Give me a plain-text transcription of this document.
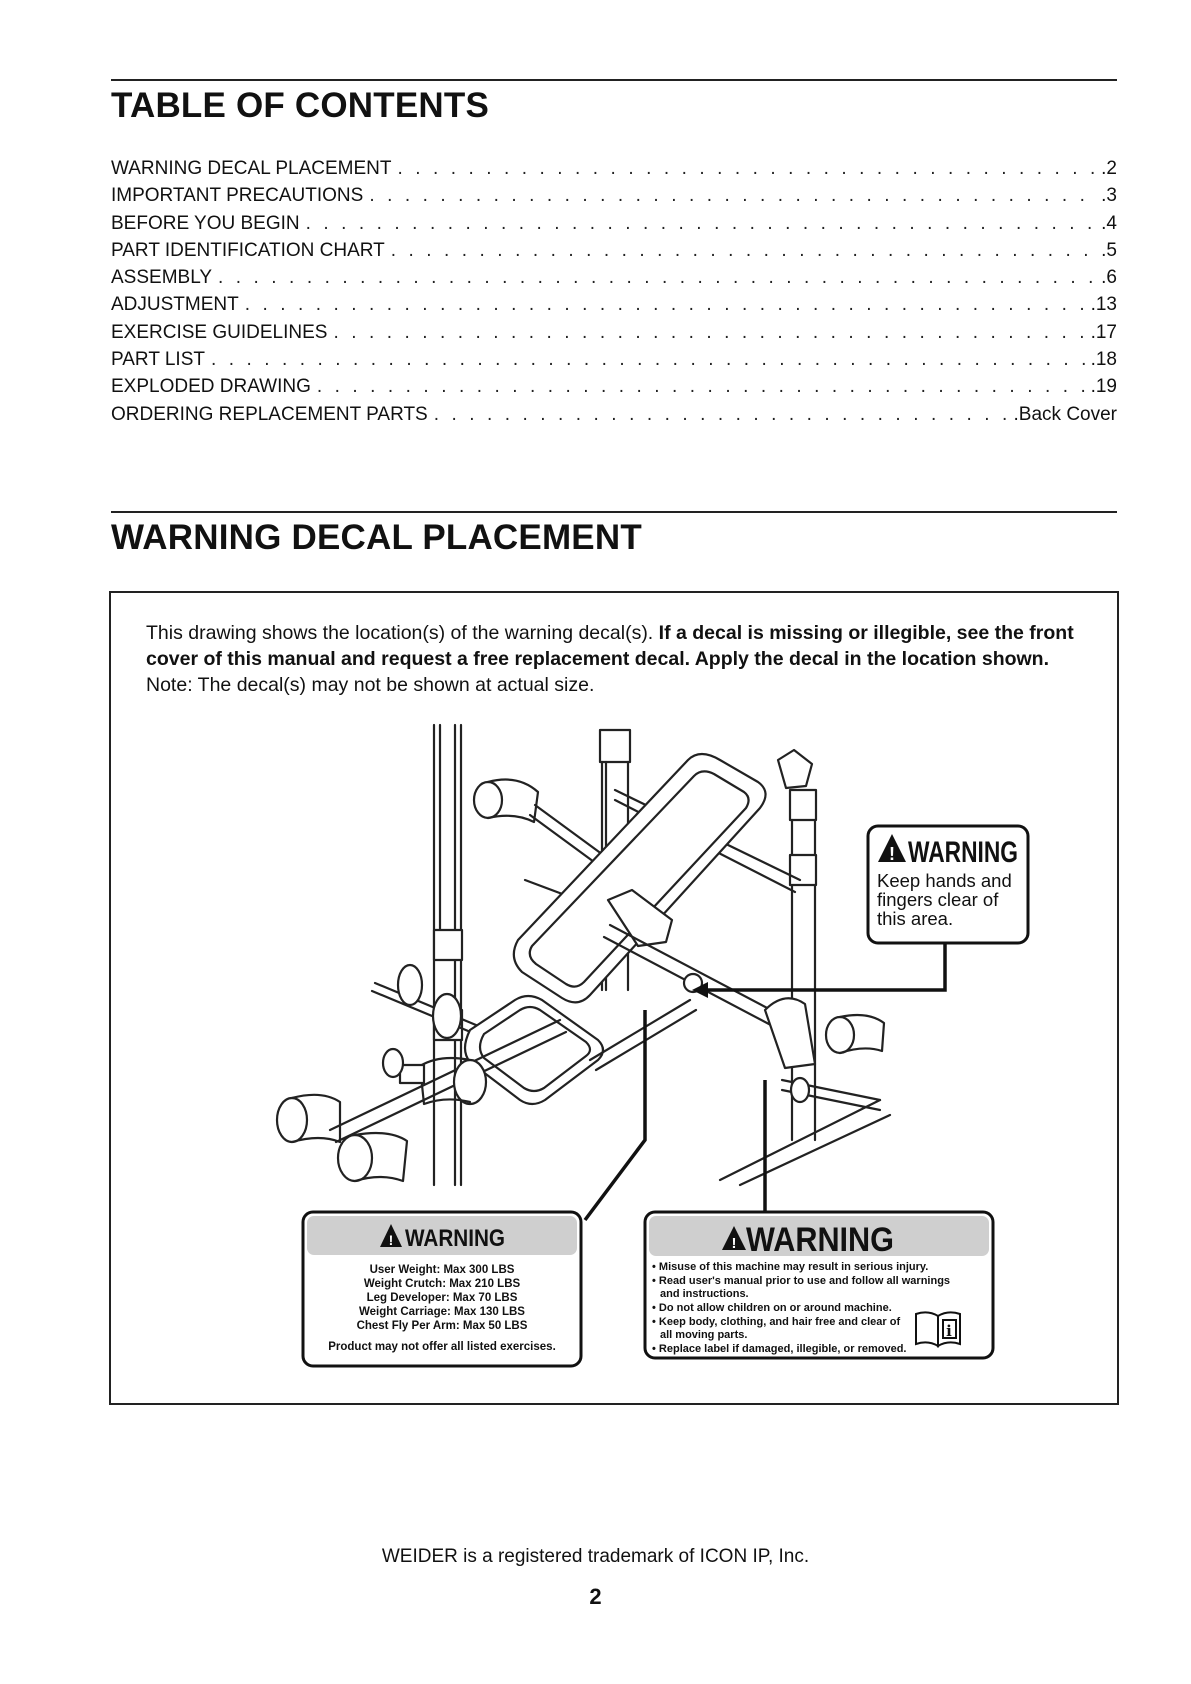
TABLE OF CONTENTS
WARNING DECAL PLACEMENT . . .	.2
IMPORTANT PRECAUTIONS . . .	.3
BEFORE YOU BEGIN . . .	.4
PART IDENTIFICATION CHART . . .	.5
ASSEMBLY . . .	.6
ADJUSTMENT . . .	.13
EXERCISE GUIDELINES . . .	.17
PART LIST . . .	.18
EXPLODED DRAWING . . .	.19
ORDERING REPLACEMENT PARTS . . .	.Back Cover
WARNING DECAL PLACEMENT
This drawing shows the location(s) of the warning decal(s). If a decal is missing or illegible, see the front cover of this manual and request a free replacement decal. Apply the decal in the location shown. Note: The decal(s) may not be shown at actual size.
! WARNING
Keep hands and
fingers clear of
this area.
! WARNING
User Weight: Max 300 LBS
Weight Crutch: Max 210 LBS
Leg Developer: Max 70 LBS
Weight Carriage: Max 130 LBS
Chest Fly Per Arm: Max 50 LBS
Product may not offer all listed exercises.
! WARNING
• Misuse of this machine may result in serious injury.
• Read user's manual prior to use and follow all warnings
and instructions.
• Do not allow children on or around machine.
• Keep body, clothing, and hair free and clear of
all moving parts.
• Replace label if damaged, illegible, or removed.
i
WEIDER is a registered trademark of ICON IP, Inc.
2
